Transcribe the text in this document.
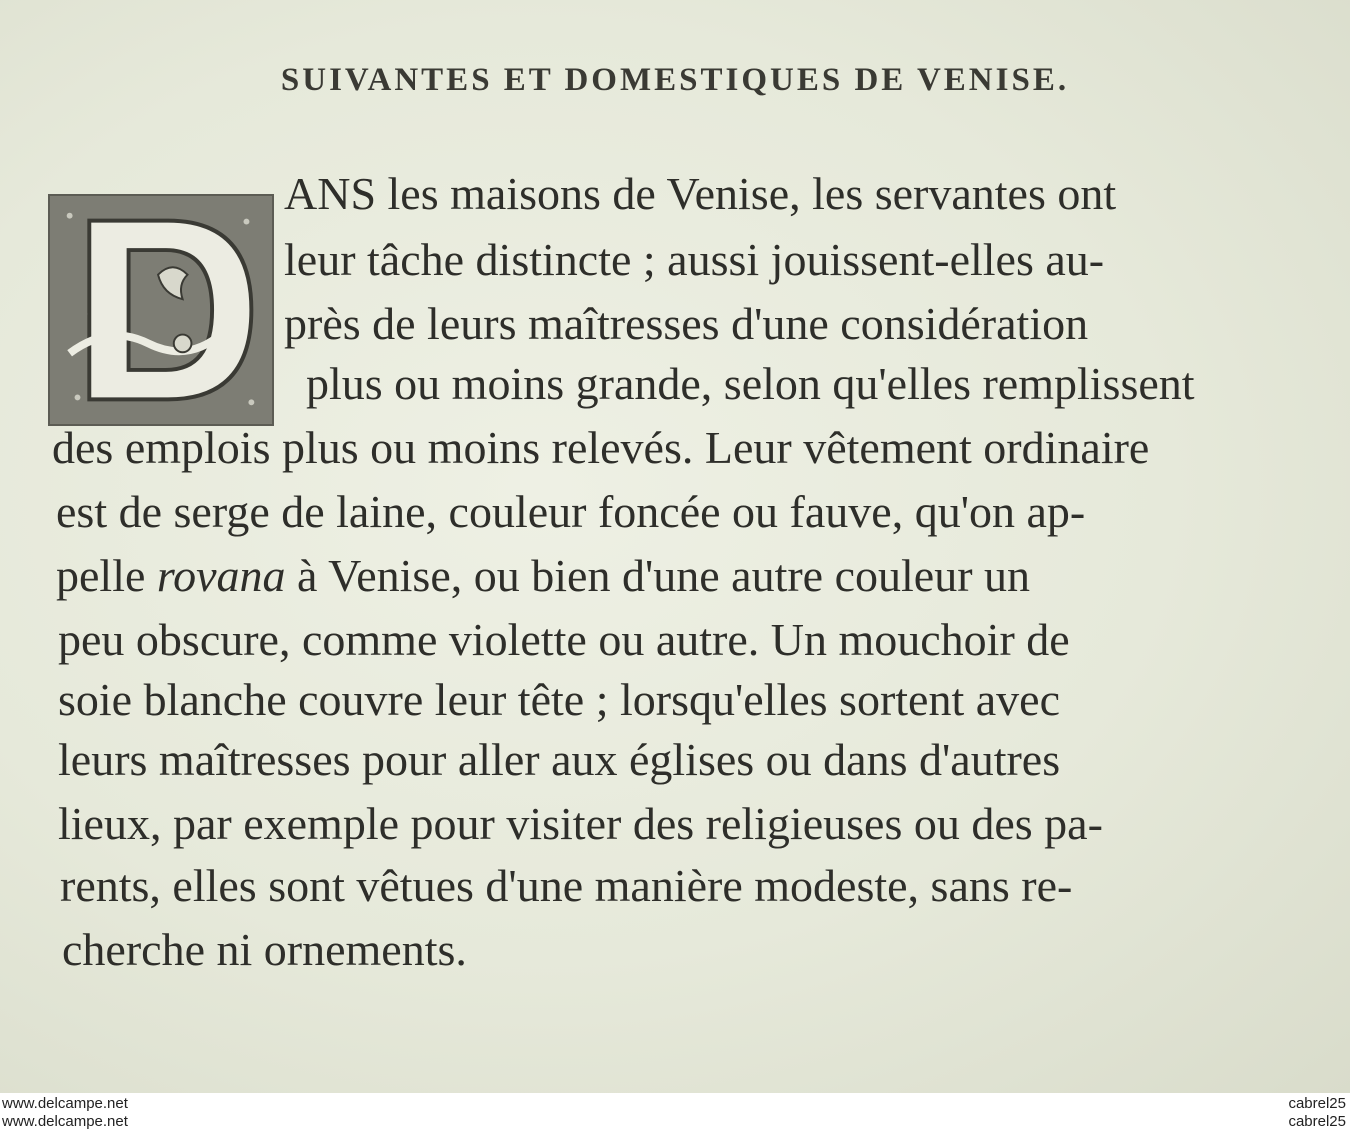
SUIVANTES ET DOMESTIQUES DE VENISE.
ANS les maisons de Venise, les servantes ont
leur tâche distincte ; aussi jouissent-elles au-
près de leurs maîtresses d'une considération
plus ou moins grande, selon qu'elles remplissent
des emplois plus ou moins relevés. Leur vêtement ordinaire
est de serge de laine, couleur foncée ou fauve, qu'on ap-
pelle rovana à Venise, ou bien d'une autre couleur un
peu obscure, comme violette ou autre. Un mouchoir de
soie blanche couvre leur tête ; lorsqu'elles sortent avec
leurs maîtresses pour aller aux églises ou dans d'autres
lieux, par exemple pour visiter des religieuses ou des pa-
rents, elles sont vêtues d'une manière modeste, sans re-
cherche ni ornements.
www.delcampe.net
www.delcampe.net
cabrel25
cabrel25
